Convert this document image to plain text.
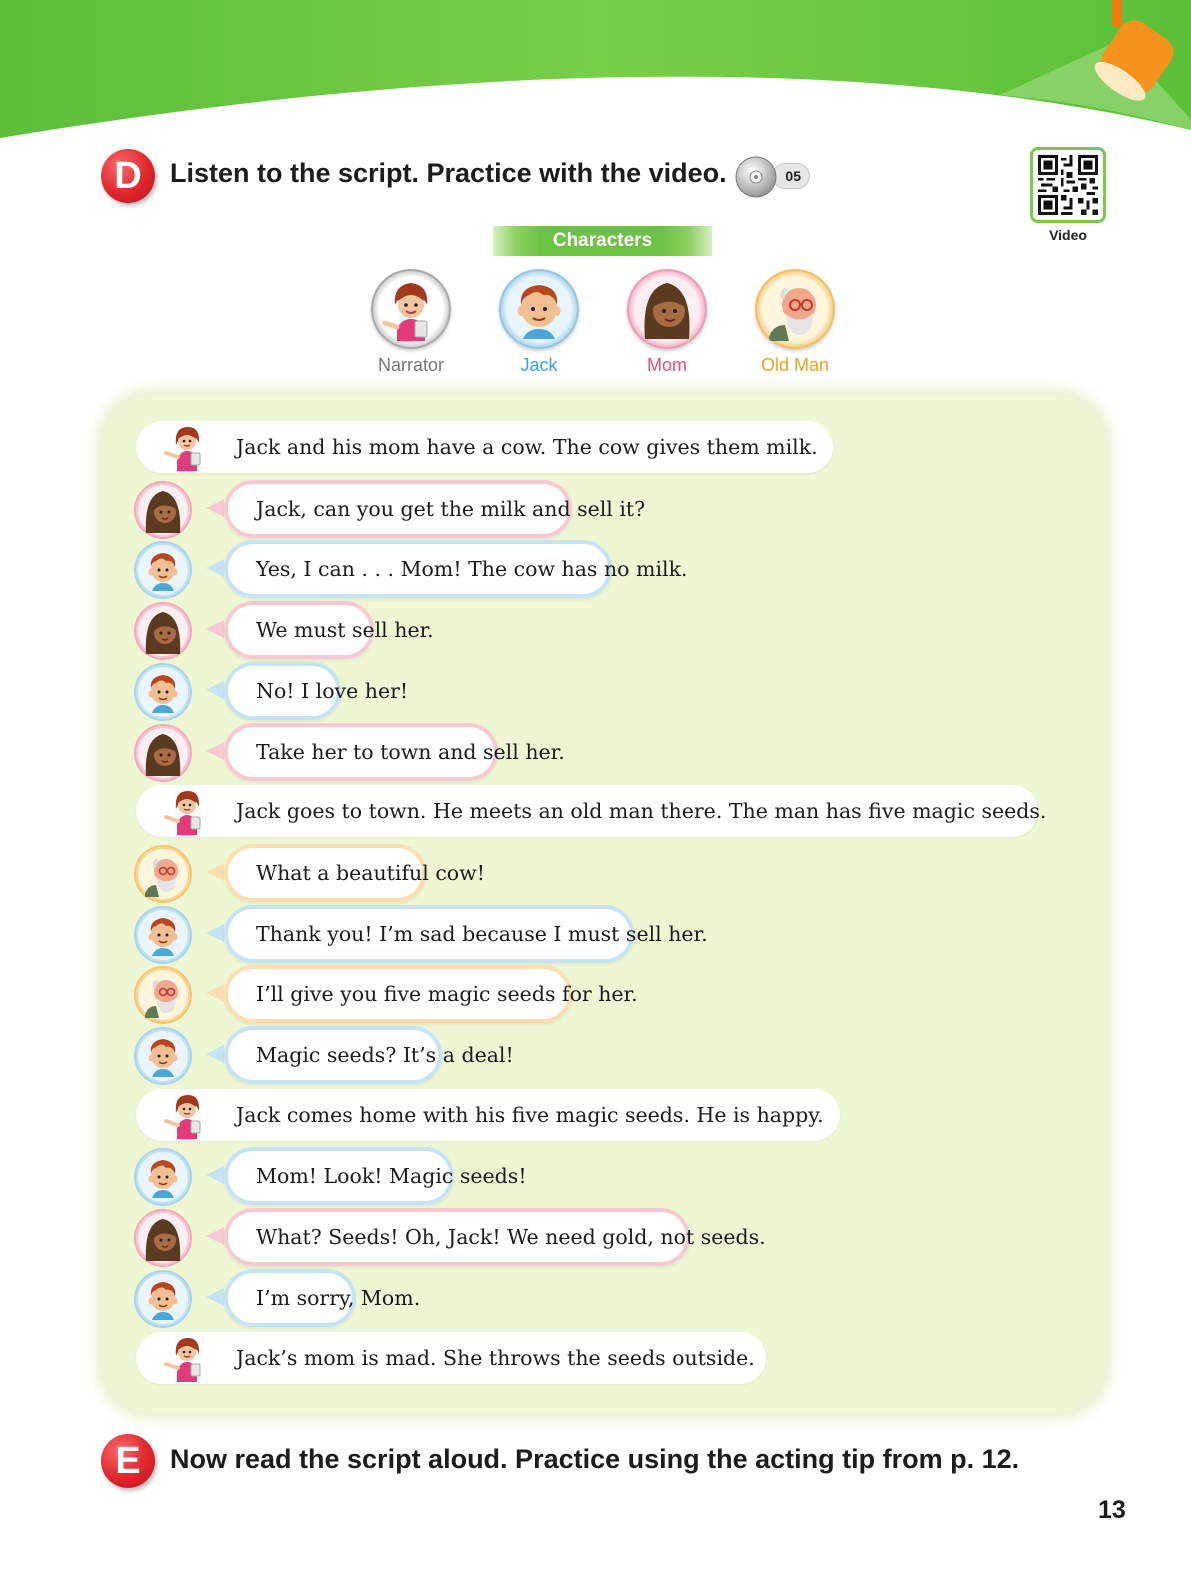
D	Listen to the script. Practice with the video.	05
Video
Characters
Narrator	Jack	Mom	Old Man
Jack and his mom have a cow. The cow gives them milk.
Jack, can you get the milk and sell it?
Yes, I can . . . Mom! The cow has no milk.
We must sell her.
No! I love her!
Take her to town and sell her.
Jack goes to town. He meets an old man there. The man has five magic seeds.
What a beautiful cow!
Thank you! I’m sad because I must sell her.
I’ll give you five magic seeds for her.
Magic seeds? It’s a deal!
Jack comes home with his five magic seeds. He is happy.
Mom! Look! Magic seeds!
What? Seeds! Oh, Jack! We need gold, not seeds.
I’m sorry, Mom.
Jack’s mom is mad. She throws the seeds outside.
E	Now read the script aloud. Practice using the acting tip from p. 12.
13
